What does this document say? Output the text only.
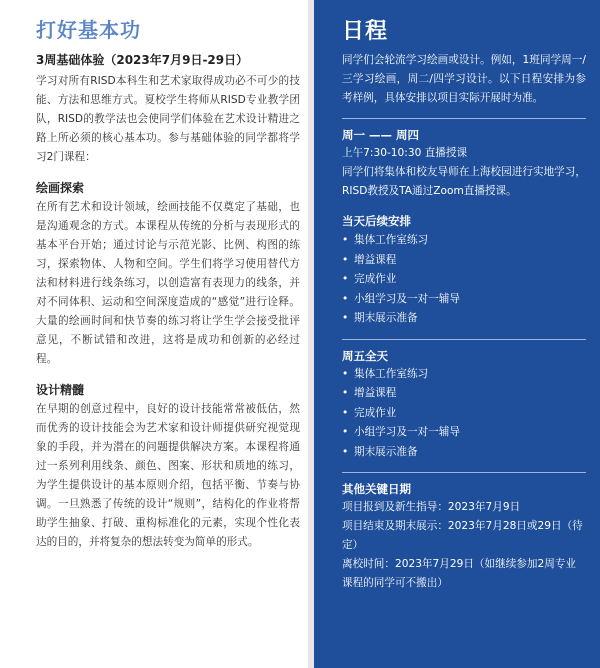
打好基本功
3周基础体验（2023年7月9日-29日）

学习对所有RISD本科生和艺术家取得成功必不可少的技能、方法和思维方式。夏校学生将师从RISD专业教学团队，RISD的教学法也会使同学们体验在艺术设计精进之路上所必须的核心基本功。参与基础体验的同学都将学习2门课程：

绘画探索

在所有艺术和设计领域，绘画技能不仅奠定了基础，也是沟通观念的方式。本课程从传统的分析与表现形式的基本平台开始；通过讨论与示范光影、比例、构图的练习，探索物体、人物和空间。学生们将学习使用替代方法和材料进行线条练习，以创造富有表现力的线条，并对不同体积、运动和空间深度造成的“感觉”进行诠释。大量的绘画时间和快节奏的练习将让学生学会接受批评意见，不断试错和改进，这将是成功和创新的必经过程。

设计精髓

在早期的创意过程中，良好的设计技能常常被低估，然而优秀的设计技能会为艺术家和设计师提供研究视觉现象的手段，并为潜在的问题提供解决方案。本课程将通过一系列利用线条、颜色、图案、形状和质地的练习，为学生提供设计的基本原则介绍，包括平衡、节奏与协调。一旦熟悉了传统的设计“规则”，结构化的作业将帮助学生抽象、打破、重构标准化的元素，实现个性化表达的目的，并将复杂的想法转变为简单的形式。

日程

同学们会轮流学习绘画或设计。例如，1班同学周一/三学习绘画，周二/四学习设计。以下日程安排为参考样例，具体安排以项目实际开展时为准。

周一 —— 周四

上午7:30-10:30 直播授课

同学们将集体和校友导师在上海校园进行实地学习，RISD教授及TA通过Zoom直播授课。

当天后续安排
• 集体工作室练习
• 增益课程
• 完成作业
• 小组学习及一对一辅导
• 期末展示准备
周五全天
• 集体工作室练习
• 增益课程
• 完成作业
• 小组学习及一对一辅导
• 期末展示准备
其他关键日期

项目报到及新生指导：2023年7月9日

项目结束及期末展示：2023年7月28日或29日（待定）

离校时间：2023年7月29日（如继续参加2周专业课程的同学可不搬出）
